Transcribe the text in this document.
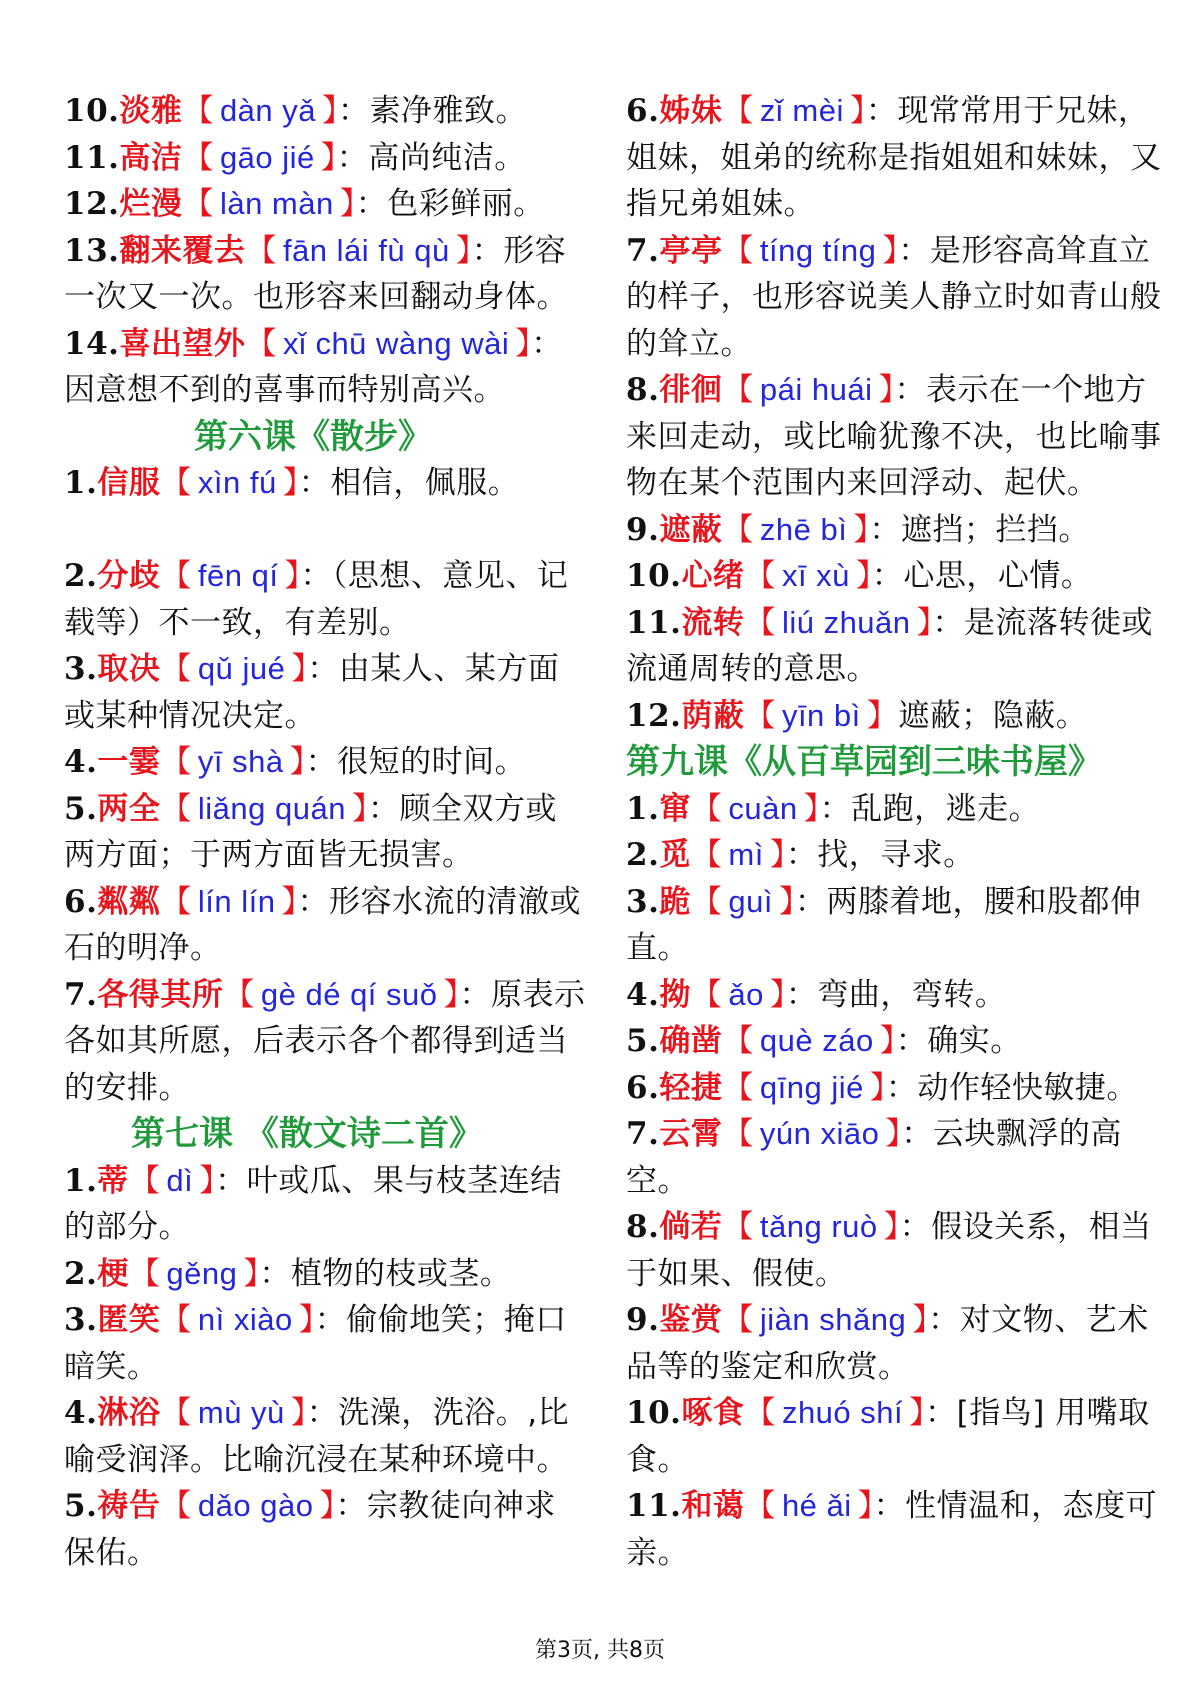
10.淡雅【 dàn yǎ 】：素净雅致。
11.高洁【 gāo jié 】：高尚纯洁。
12.烂漫【 làn màn 】：色彩鲜丽。
13.翻来覆去【 fān lái fù qù 】：形容一次又一次。也形容来回翻动身体。
14.喜出望外【 xǐ chū wàng wài 】：因意想不到的喜事而特别高兴。
第六课《散步》
1.信服【 xìn fú 】：相信，佩服。
2.分歧【 fēn qí 】：（思想、意见、记载等）不一致，有差别。
3.取决【 qǔ jué 】：由某人、某方面或某种情况决定。
4.一霎【 yī shà 】：很短的时间。
5.两全【 liǎng quán 】：顾全双方或两方面；于两方面皆无损害。
6.粼粼【 lín lín 】：形容水流的清澈或石的明净。
7.各得其所【 gè dé qí suǒ 】：原表示各如其所愿，后表示各个都得到适当的安排。
第七课 《散文诗二首》
1.蒂【 dì 】：叶或瓜、果与枝茎连结的部分。
2.梗【 gěng 】：植物的枝或茎。
3.匿笑【 nì xiào 】：偷偷地笑；掩口暗笑。
4.淋浴【 mù yù 】：洗澡，洗浴。,比喻受润泽。比喻沉浸在某种环境中。
5.祷告【 dǎo gào 】：宗教徒向神求保佑。
6.姊妹【 zǐ mèi 】：现常常用于兄妹，姐妹，姐弟的统称是指姐姐和妹妹，又指兄弟姐妹。
7.亭亭【 tíng tíng 】：是形容高耸直立的样子，也形容说美人静立时如青山般的耸立。
8.徘徊【 pái huái 】：表示在一个地方来回走动，或比喻犹豫不决，也比喻事物在某个范围内来回浮动、起伏。
9.遮蔽【 zhē bì 】：遮挡；拦挡。
10.心绪【 xī xù 】：心思，心情。
11.流转【 liú zhuǎn 】：是流落转徙或流通周转的意思。
12.荫蔽【 yīn bì 】遮蔽；隐蔽。
第九课《从百草园到三味书屋》
1.窜【 cuàn 】：乱跑，逃走。
2.觅【 mì 】：找，寻求。
3.跪【 guì 】：两膝着地，腰和股都伸直。
4.拗【 ǎo 】：弯曲，弯转。
5.确凿【 què záo 】：确实。
6.轻捷【 qīng jié 】：动作轻快敏捷。
7.云霄【 yún xiāo 】：云块飘浮的高空。
8.倘若【 tǎng ruò 】：假设关系，相当于如果、假使。
9.鉴赏【 jiàn shǎng 】：对文物、艺术品等的鉴定和欣赏。
10.啄食【 zhuó shí 】：[指鸟] 用嘴取食。
11.和蔼【 hé ǎi 】：性情温和，态度可亲。
第3页, 共8页
